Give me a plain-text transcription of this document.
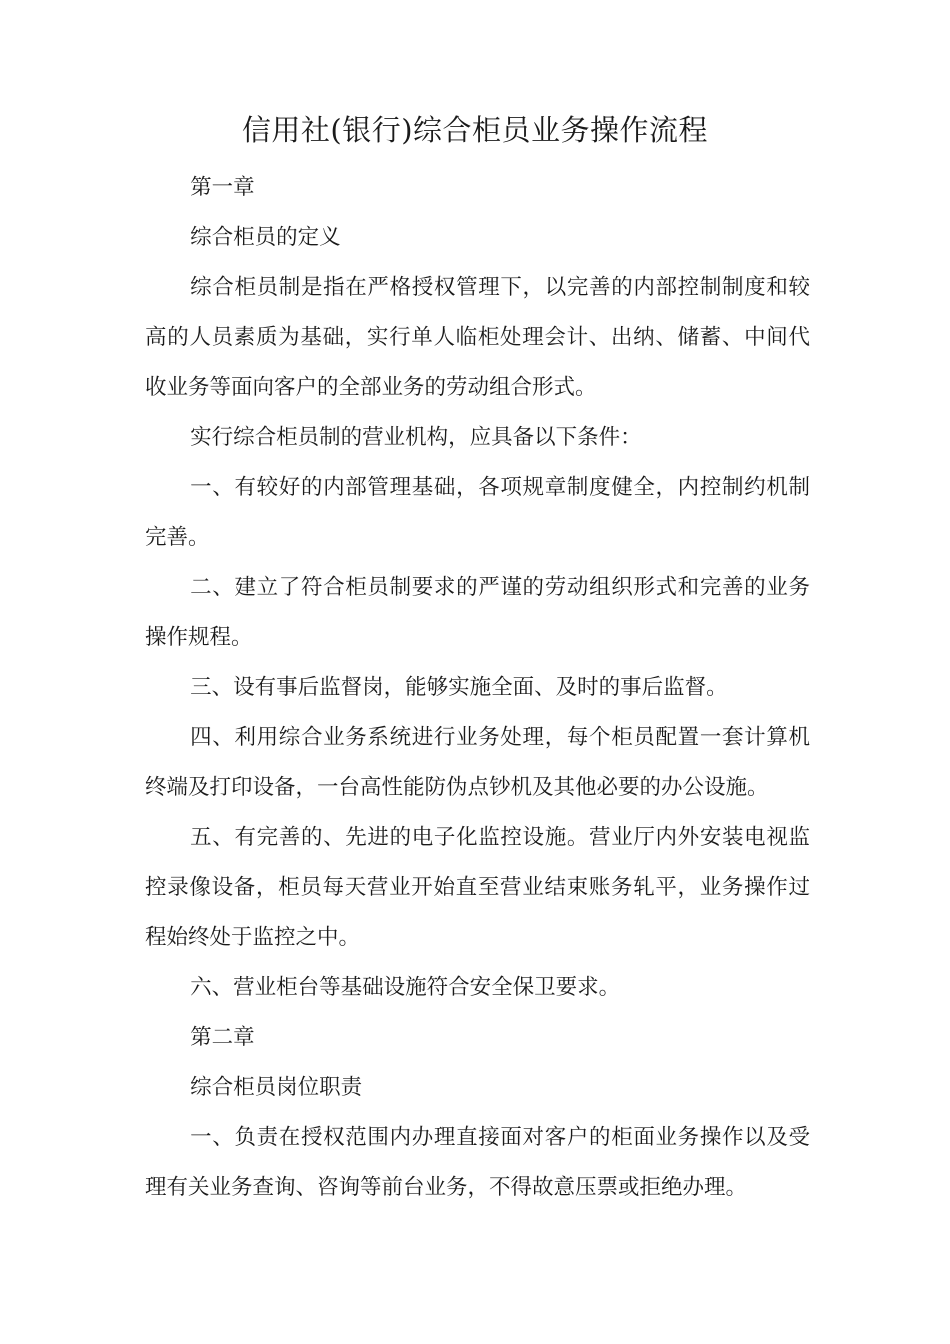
信用社(银行)综合柜员业务操作流程

第一章

综合柜员的定义

综合柜员制是指在严格授权管理下，以完善的内部控制制度和较高的人员素质为基础，实行单人临柜处理会计、出纳、储蓄、中间代收业务等面向客户的全部业务的劳动组合形式。

实行综合柜员制的营业机构，应具备以下条件：

一、有较好的内部管理基础，各项规章制度健全，内控制约机制完善。

二、建立了符合柜员制要求的严谨的劳动组织形式和完善的业务操作规程。

三、设有事后监督岗，能够实施全面、及时的事后监督。

四、利用综合业务系统进行业务处理，每个柜员配置一套计算机终端及打印设备，一台高性能防伪点钞机及其他必要的办公设施。

五、有完善的、先进的电子化监控设施。营业厅内外安装电视监控录像设备，柜员每天营业开始直至营业结束账务轧平，业务操作过程始终处于监控之中。

六、营业柜台等基础设施符合安全保卫要求。

第二章

综合柜员岗位职责

一、负责在授权范围内办理直接面对客户的柜面业务操作以及受理有关业务查询、咨询等前台业务，不得故意压票或拒绝办理。
